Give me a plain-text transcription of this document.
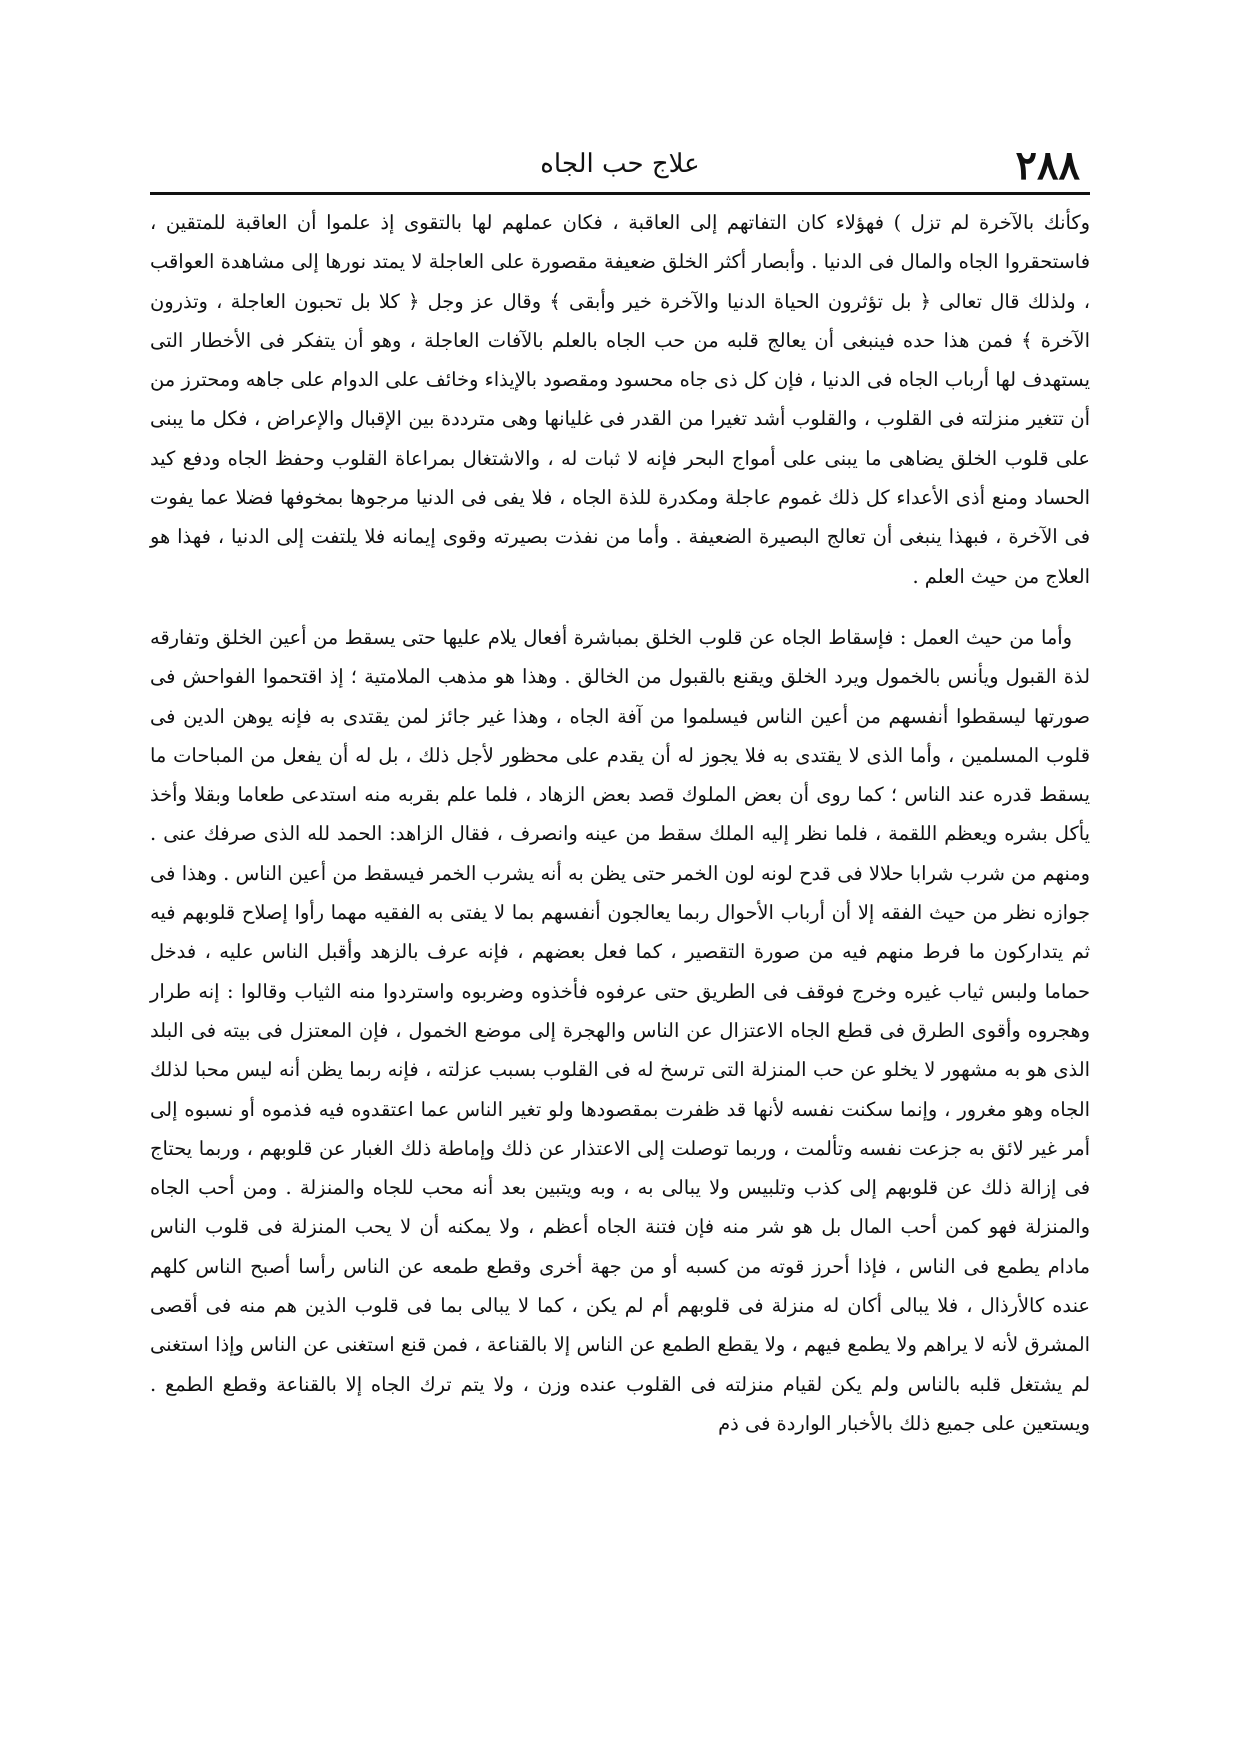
٢٨٨
علاج حب الجاه

وكأنك بالآخرة لم تزل ) فهؤلاء كان التفاتهم إلى العاقبة ، فكان عملهم لها بالتقوى إذ علموا أن العاقبة للمتقين ، فاستحقروا الجاه والمال فى الدنيا . وأبصار أكثر الخلق ضعيفة مقصورة على العاجلة لا يمتد نورها إلى مشاهدة العواقب ، ولذلك قال تعالى ﴿ بل تؤثرون الحياة الدنيا والآخرة خير وأبقى ﴾ وقال عز وجل ﴿ كلا بل تحبون العاجلة ، وتذرون الآخرة ﴾ فمن هذا حده فينبغى أن يعالج قلبه من حب الجاه بالعلم بالآفات العاجلة ، وهو أن يتفكر فى الأخطار التى يستهدف لها أرباب الجاه فى الدنيا ، فإن كل ذى جاه محسود ومقصود بالإيذاء وخائف على الدوام على جاهه ومحترز من أن تتغير منزلته فى القلوب ، والقلوب أشد تغيرا من القدر فى غليانها وهى مترددة بين الإقبال والإعراض ، فكل ما يبنى على قلوب الخلق يضاهى ما يبنى على أمواج البحر فإنه لا ثبات له ، والاشتغال بمراعاة القلوب وحفظ الجاه ودفع كيد الحساد ومنع أذى الأعداء كل ذلك غموم عاجلة ومكدرة للذة الجاه ، فلا يفى فى الدنيا مرجوها بمخوفها فضلا عما يفوت فى الآخرة ، فبهذا ينبغى أن تعالج البصيرة الضعيفة . وأما من نفذت بصيرته وقوى إيمانه فلا يلتفت إلى الدنيا ، فهذا هو العلاج من حيث العلم .

وأما من حيث العمل : فإسقاط الجاه عن قلوب الخلق بمباشرة أفعال يلام عليها حتى يسقط من أعين الخلق وتفارقه لذة القبول ويأنس بالخمول ويرد الخلق ويقنع بالقبول من الخالق . وهذا هو مذهب الملامتية ؛ إذ اقتحموا الفواحش فى صورتها ليسقطوا أنفسهم من أعين الناس فيسلموا من آفة الجاه ، وهذا غير جائز لمن يقتدى به فإنه يوهن الدين فى قلوب المسلمين ، وأما الذى لا يقتدى به فلا يجوز له أن يقدم على محظور لأجل ذلك ، بل له أن يفعل من المباحات ما يسقط قدره عند الناس ؛ كما روى أن بعض الملوك قصد بعض الزهاد ، فلما علم بقربه منه استدعى طعاما وبقلا وأخذ يأكل بشره ويعظم اللقمة ، فلما نظر إليه الملك سقط من عينه وانصرف ، فقال الزاهد: الحمد لله الذى صرفك عنى . ومنهم من شرب شرابا حلالا فى قدح لونه لون الخمر حتى يظن به أنه يشرب الخمر فيسقط من أعين الناس . وهذا فى جوازه نظر من حيث الفقه إلا أن أرباب الأحوال ربما يعالجون أنفسهم بما لا يفتى به الفقيه مهما رأوا إصلاح قلوبهم فيه ثم يتداركون ما فرط منهم فيه من صورة التقصير ، كما فعل بعضهم ، فإنه عرف بالزهد وأقبل الناس عليه ، فدخل حماما ولبس ثياب غيره وخرج فوقف فى الطريق حتى عرفوه فأخذوه وضربوه واستردوا منه الثياب وقالوا : إنه طرار وهجروه وأقوى الطرق فى قطع الجاه الاعتزال عن الناس والهجرة إلى موضع الخمول ، فإن المعتزل فى بيته فى البلد الذى هو به مشهور لا يخلو عن حب المنزلة التى ترسخ له فى القلوب بسبب عزلته ، فإنه ربما يظن أنه ليس محبا لذلك الجاه وهو مغرور ، وإنما سكنت نفسه لأنها قد ظفرت بمقصودها ولو تغير الناس عما اعتقدوه فيه فذموه أو نسبوه إلى أمر غير لائق به جزعت نفسه وتألمت ، وربما توصلت إلى الاعتذار عن ذلك وإماطة ذلك الغبار عن قلوبهم ، وربما يحتاج فى إزالة ذلك عن قلوبهم إلى كذب وتلبيس ولا يبالى به ، وبه ويتبين بعد أنه محب للجاه والمنزلة . ومن أحب الجاه والمنزلة فهو كمن أحب المال بل هو شر منه فإن فتنة الجاه أعظم ، ولا يمكنه أن لا يحب المنزلة فى قلوب الناس مادام يطمع فى الناس ، فإذا أحرز قوته من كسبه أو من جهة أخرى وقطع طمعه عن الناس رأسا أصبح الناس كلهم عنده كالأرذال ، فلا يبالى أكان له منزلة فى قلوبهم أم لم يكن ، كما لا يبالى بما فى قلوب الذين هم منه فى أقصى المشرق لأنه لا يراهم ولا يطمع فيهم ، ولا يقطع الطمع عن الناس إلا بالقناعة ، فمن قنع استغنى عن الناس وإذا استغنى لم يشتغل قلبه بالناس ولم يكن لقيام منزلته فى القلوب عنده وزن ، ولا يتم ترك الجاه إلا بالقناعة وقطع الطمع . ويستعين على جميع ذلك بالأخبار الواردة فى ذم
